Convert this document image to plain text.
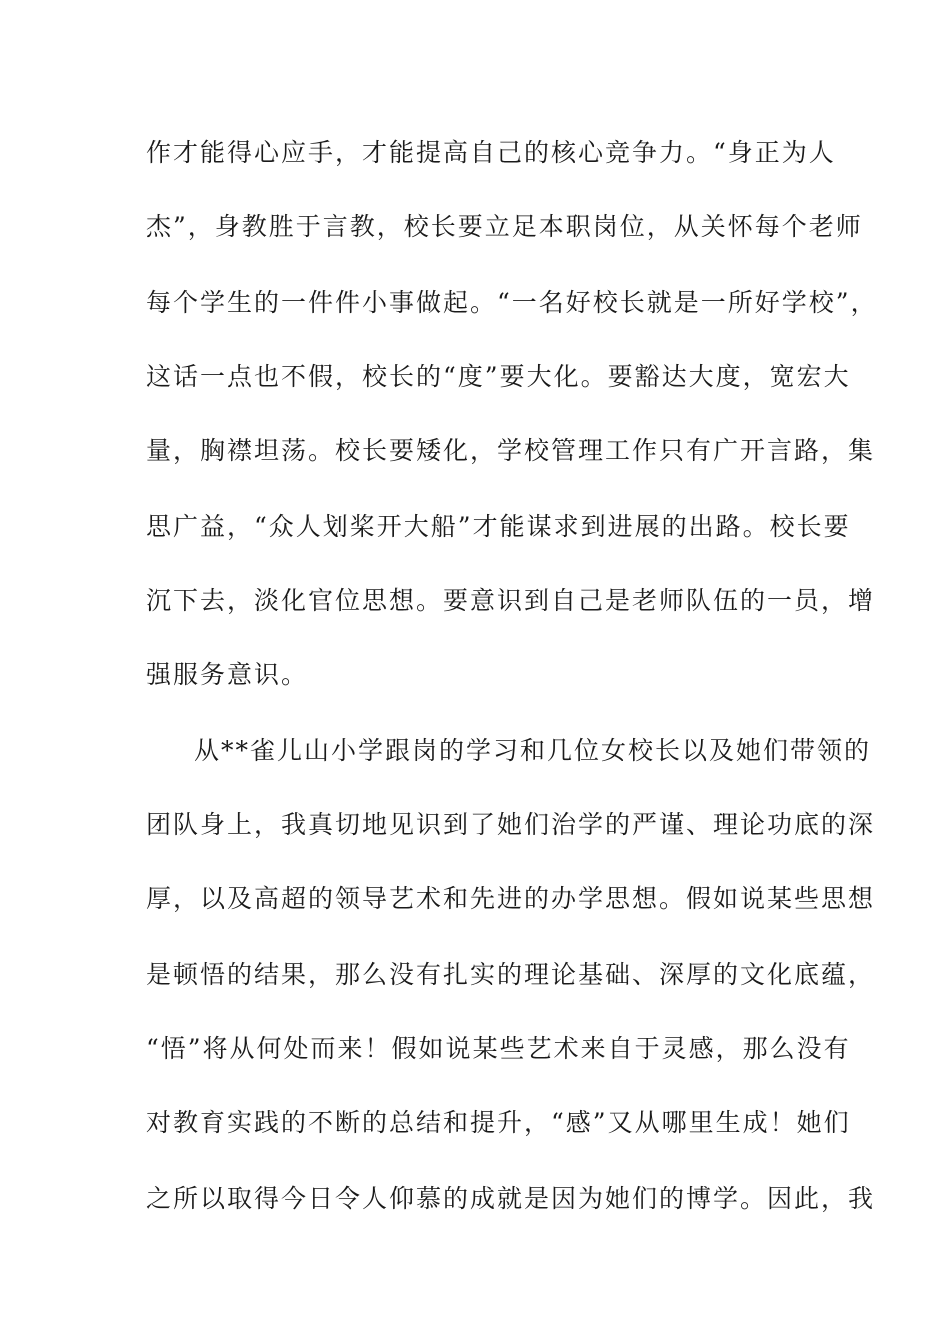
作才能得心应手，才能提高自己的核心竞争力。“身正为人
杰”，身教胜于言教，校长要立足本职岗位，从关怀每个老师
每个学生的一件件小事做起。“一名好校长就是一所好学校”，
这话一点也不假，校长的“度”要大化。要豁达大度，宽宏大
量，胸襟坦荡。校长要矮化，学校管理工作只有广开言路，集
思广益，“众人划桨开大船”才能谋求到进展的出路。校长要
沉下去，淡化官位思想。要意识到自己是老师队伍的一员，增
强服务意识。
从**雀儿山小学跟岗的学习和几位女校长以及她们带领的
团队身上，我真切地见识到了她们治学的严谨、理论功底的深
厚，以及高超的领导艺术和先进的办学思想。假如说某些思想
是顿悟的结果，那么没有扎实的理论基础、深厚的文化底蕴，
“悟”将从何处而来！假如说某些艺术来自于灵感，那么没有
对教育实践的不断的总结和提升，“感”又从哪里生成！她们
之所以取得今日令人仰慕的成就是因为她们的博学。因此，我
